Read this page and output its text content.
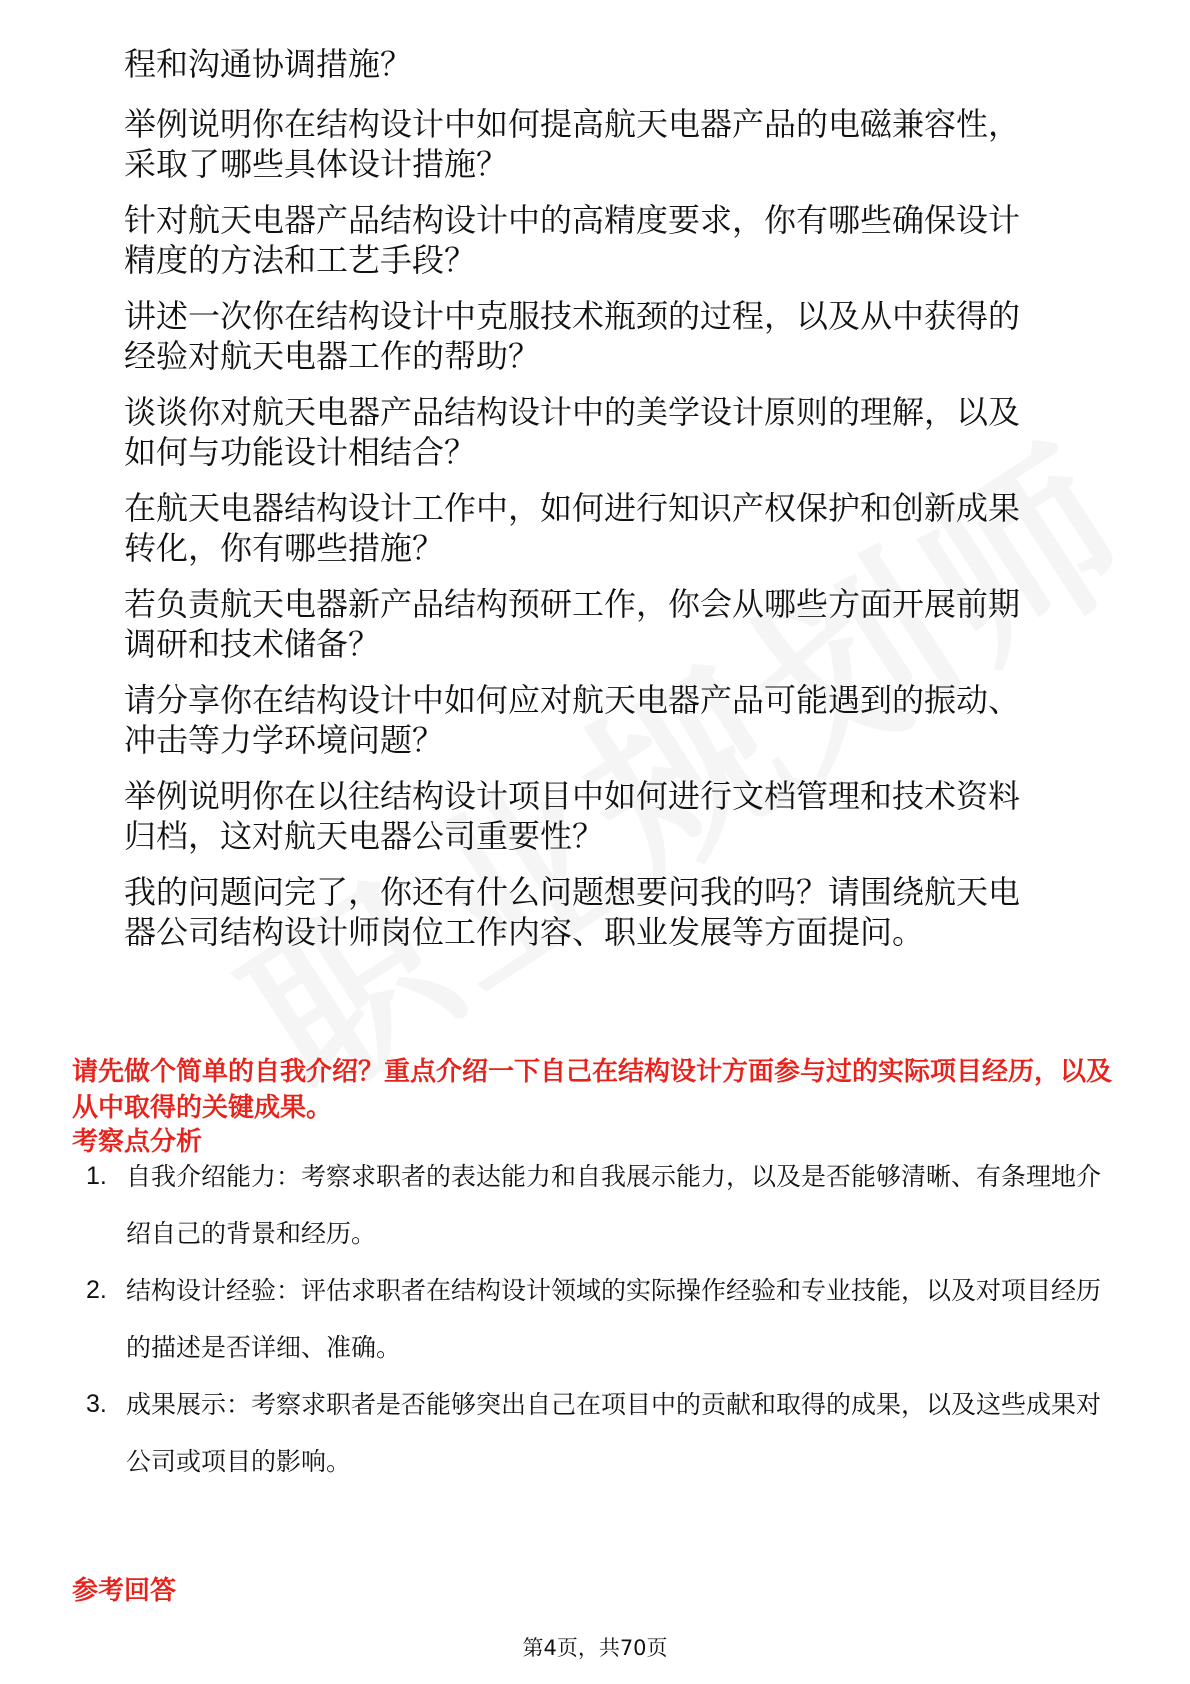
程和沟通协调措施？
举例说明你在结构设计中如何提高航天电器产品的电磁兼容性，采取了哪些具体设计措施？
针对航天电器产品结构设计中的高精度要求，你有哪些确保设计精度的方法和工艺手段？
讲述一次你在结构设计中克服技术瓶颈的过程，以及从中获得的经验对航天电器工作的帮助？
谈谈你对航天电器产品结构设计中的美学设计原则的理解，以及如何与功能设计相结合？
在航天电器结构设计工作中，如何进行知识产权保护和创新成果转化，你有哪些措施？
若负责航天电器新产品结构预研工作，你会从哪些方面开展前期调研和技术储备？
请分享你在结构设计中如何应对航天电器产品可能遇到的振动、冲击等力学环境问题？
举例说明你在以往结构设计项目中如何进行文档管理和技术资料归档，这对航天电器公司重要性？
我的问题问完了，你还有什么问题想要问我的吗？请围绕航天电器公司结构设计师岗位工作内容、职业发展等方面提问。
请先做个简单的自我介绍？重点介绍一下自己在结构设计方面参与过的实际项目经历，以及从中取得的关键成果。
考察点分析
1. 自我介绍能力：考察求职者的表达能力和自我展示能力，以及是否能够清晰、有条理地介绍自己的背景和经历。
2. 结构设计经验：评估求职者在结构设计领域的实际操作经验和专业技能，以及对项目经历的描述是否详细、准确。
3. 成果展示：考察求职者是否能够突出自己在项目中的贡献和取得的成果，以及这些成果对公司或项目的影响。
参考回答
第4页，共70页
